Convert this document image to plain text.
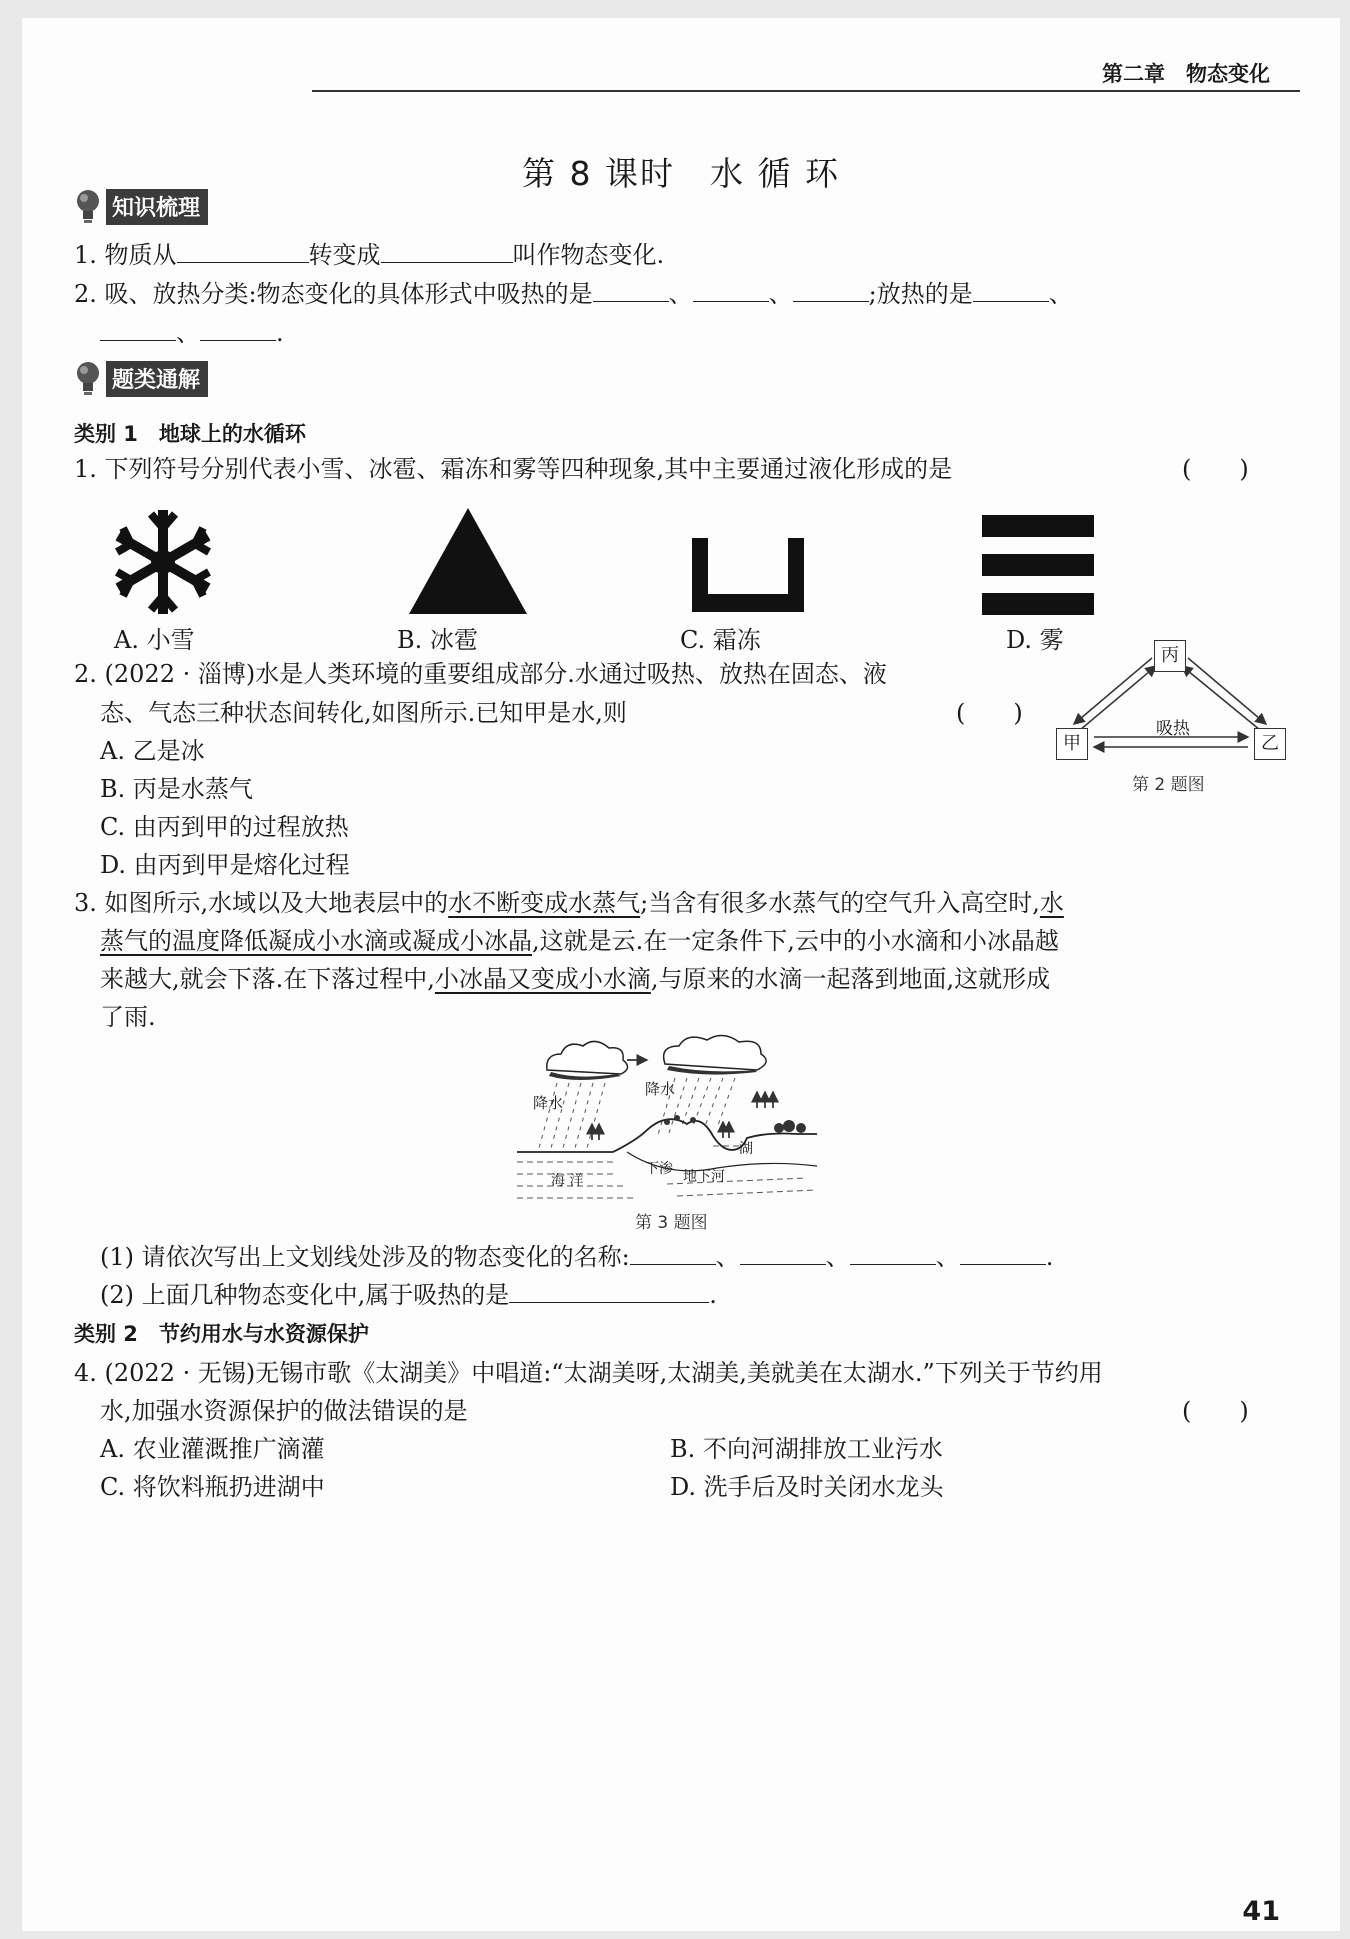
第二章　物态变化
第 8 课时　水 循 环
知识梳理
1. 物质从	转变成	叫作物态变化.
2. 吸、放热分类:物态变化的具体形式中吸热的是	、	、	;放热的是	、
、	.
题类通解
类别 1　地球上的水循环
1. 下列符号分别代表小雪、冰雹、霜冻和雾等四种现象,其中主要通过液化形成的是	(　　)
A. 小雪	B. 冰雹	C. 霜冻	D. 雾
2. (2022 · 淄博)水是人类环境的重要组成部分.水通过吸热、放热在固态、液
态、气态三种状态间转化,如图所示.已知甲是水,则	(　　)
A. 乙是冰
B. 丙是水蒸气
C. 由丙到甲的过程放热
D. 由丙到甲是熔化过程
丙
甲	乙
吸热
第 2 题图
3. 如图所示,水域以及大地表层中的水不断变成水蒸气;当含有很多水蒸气的空气升入高空时,水
蒸气的温度降低凝成小水滴或凝成小冰晶,这就是云.在一定条件下,云中的小水滴和小冰晶越
来越大,就会下落.在下落过程中,小冰晶又变成小水滴,与原来的水滴一起落到地面,这就形成
了雨.
降水
降水
湖
下渗 地下河
海 洋
第 3 题图
(1) 请依次写出上文划线处涉及的物态变化的名称:	、	、	、	.
(2) 上面几种物态变化中,属于吸热的是	.
类别 2　节约用水与水资源保护
4. (2022 · 无锡)无锡市歌《太湖美》中唱道:“太湖美呀,太湖美,美就美在太湖水.”下列关于节约用
水,加强水资源保护的做法错误的是	(　　)
A. 农业灌溉推广滴灌	B. 不向河湖排放工业污水
C. 将饮料瓶扔进湖中	D. 洗手后及时关闭水龙头
41
